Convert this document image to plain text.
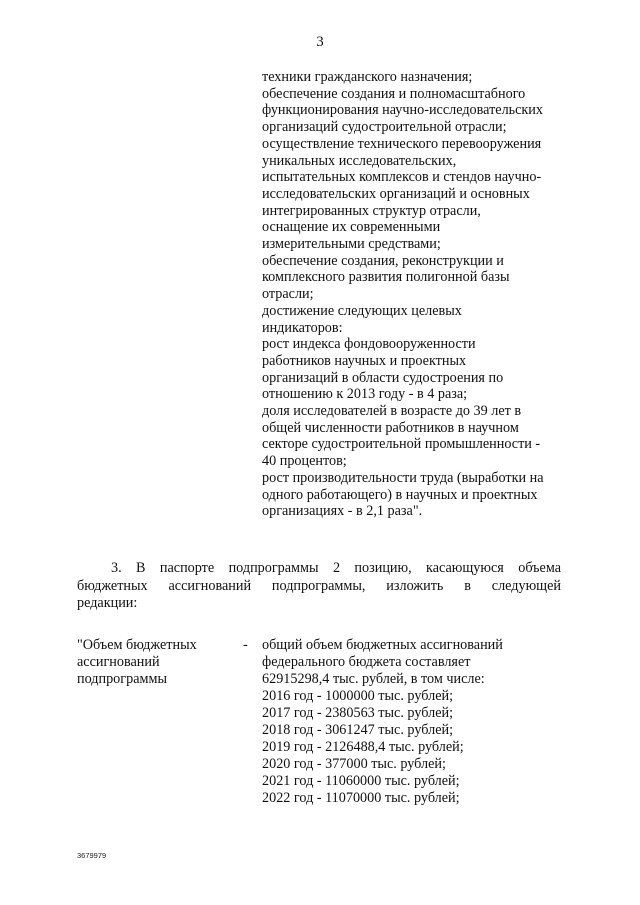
3
техники гражданского назначения;
обеспечение создания и полномасштабного
функционирования научно-исследовательских
организаций судостроительной отрасли;
осуществление технического перевооружения
уникальных исследовательских,
испытательных комплексов и стендов научно-
исследовательских организаций и основных
интегрированных структур отрасли,
оснащение их современными
измерительными средствами;
обеспечение создания, реконструкции и
комплексного развития полигонной базы
отрасли;
достижение следующих целевых
индикаторов:
рост индекса фондовооруженности
работников научных и проектных
организаций в области судостроения по
отношению к 2013 году - в 4 раза;
доля исследователей в возрасте до 39 лет в
общей численности работников в научном
секторе судостроительной промышленности -
40 процентов;
рост производительности труда (выработки на
одного работающего) в научных и проектных
организациях - в 2,1 раза".
3. В паспорте подпрограммы 2 позицию, касающуюся объема
бюджетных ассигнований подпрограммы, изложить в следующей
редакции:
"Объем бюджетных
ассигнований
подпрограммы
- общий объем бюджетных ассигнований
федерального бюджета составляет
62915298,4 тыс. рублей, в том числе:
2016 год - 1000000 тыс. рублей;
2017 год - 2380563 тыс. рублей;
2018 год - 3061247 тыс. рублей;
2019 год - 2126488,4 тыс. рублей;
2020 год - 377000 тыс. рублей;
2021 год - 11060000 тыс. рублей;
2022 год - 11070000 тыс. рублей;
3679979
